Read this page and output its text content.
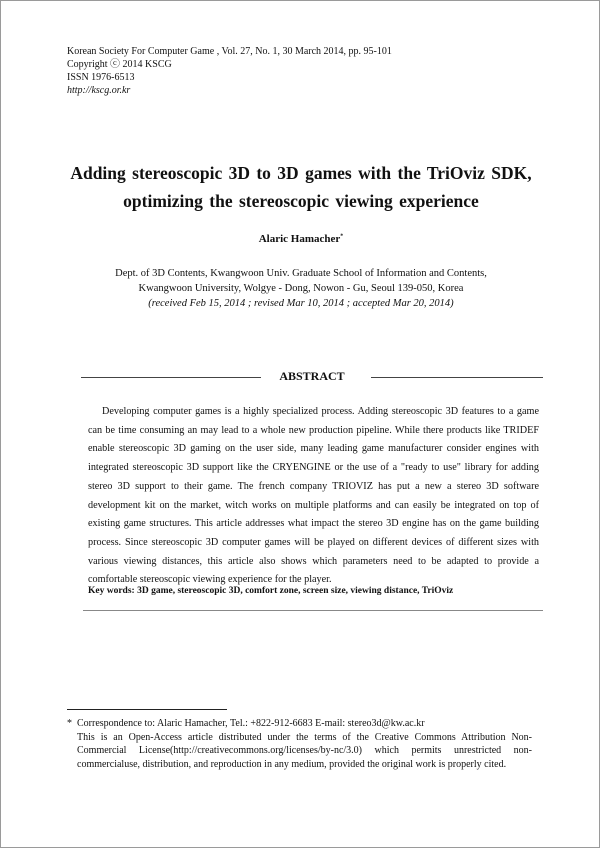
Korean Society For Computer Game , Vol. 27, No. 1, 30 March 2014, pp. 95-101
Copyright ⓒ 2014 KSCG
ISSN 1976-6513
http://kscg.or.kr
Adding stereoscopic 3D to 3D games with the TriOviz SDK,
optimizing the stereoscopic viewing experience
Alaric Hamacher*
Dept. of 3D Contents, Kwangwoon Univ. Graduate School of Information and Contents,
Kwangwoon University, Wolgye - Dong, Nowon - Gu, Seoul 139-050, Korea
(received Feb 15, 2014 ; revised Mar 10, 2014 ; accepted Mar 20, 2014)
ABSTRACT

Developing computer games is a highly specialized process. Adding stereoscopic 3D features to a game can be time consuming an may lead to a whole new production pipeline. While there products like TRIDEF enable stereoscopic 3D gaming on the user side, many leading game manufacturer consider engines with integrated stereoscopic 3D support like the CRYENGINE or the use of a "ready to use" library for adding stereo 3D support to their game. The french company TRIOVIZ has put a new a stereo 3D software development kit on the market, witch works on multiple platforms and can easily be integrated on top of existing game structures. This article addresses what impact the stereo 3D engine has on the game building process. Since stereoscopic 3D computer games will be played on different devices of different sizes with various viewing distances, this article also shows which parameters need to be adapted to provide a comfortable stereoscopic viewing experience for the player.

Key words: 3D game, stereoscopic 3D, comfort zone, screen size, viewing distance, TriOviz

* Correspondence to: Alaric Hamacher, Tel.: +822-912-6683 E-mail: stereo3d@kw.ac.kr
This is an Open-Access article distributed under the terms of the Creative Commons Attribution Non-Commercial License(http://creativecommons.org/licenses/by-nc/3.0) which permits unrestricted non-commercialuse, distribution, and reproduction in any medium, provided the original work is properly cited.
